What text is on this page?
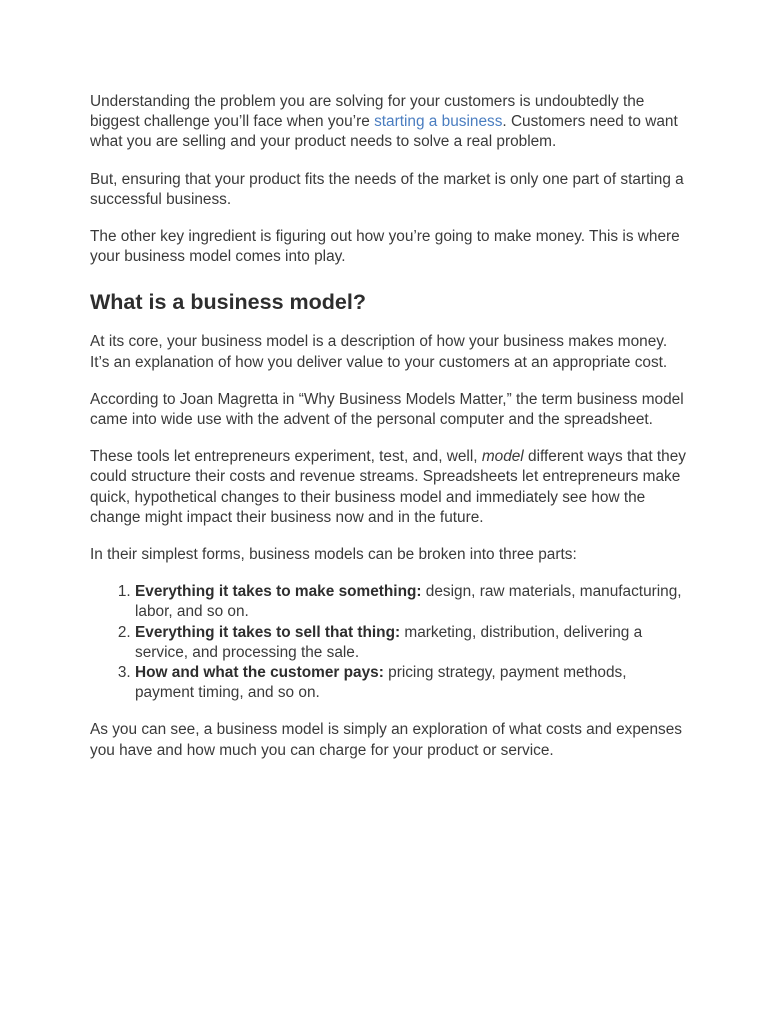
Understanding the problem you are solving for your customers is undoubtedly the biggest challenge you’ll face when you’re starting a business. Customers need to want what you are selling and your product needs to solve a real problem.

But, ensuring that your product fits the needs of the market is only one part of starting a successful business.

The other key ingredient is figuring out how you’re going to make money. This is where your business model comes into play.

What is a business model?

At its core, your business model is a description of how your business makes money. It’s an explanation of how you deliver value to your customers at an appropriate cost.

According to Joan Magretta in “Why Business Models Matter,” the term business model came into wide use with the advent of the personal computer and the spreadsheet.

These tools let entrepreneurs experiment, test, and, well, model different ways that they could structure their costs and revenue streams. Spreadsheets let entrepreneurs make quick, hypothetical changes to their business model and immediately see how the change might impact their business now and in the future.

In their simplest forms, business models can be broken into three parts:

1. Everything it takes to make something: design, raw materials, manufacturing, labor, and so on.
2. Everything it takes to sell that thing: marketing, distribution, delivering a service, and processing the sale.
3. How and what the customer pays: pricing strategy, payment methods, payment timing, and so on.

As you can see, a business model is simply an exploration of what costs and expenses you have and how much you can charge for your product or service.
